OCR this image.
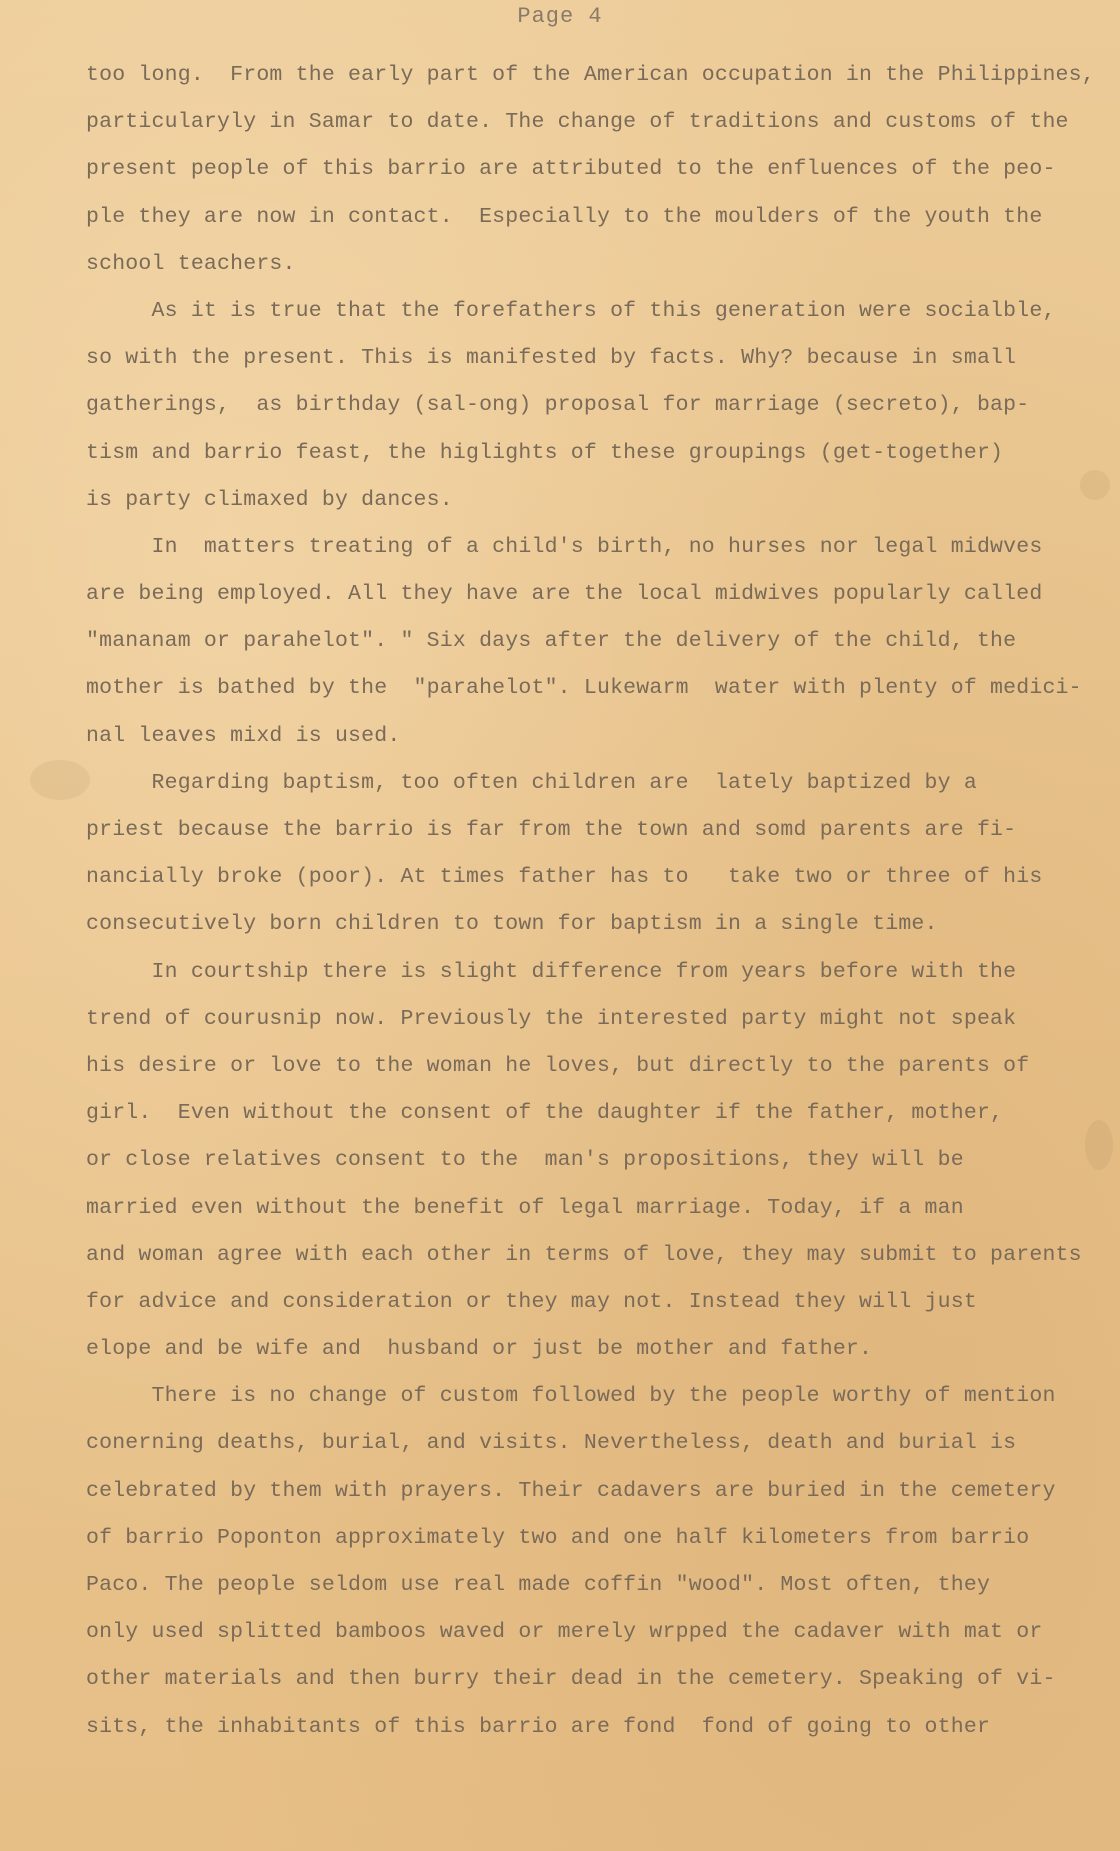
Page 4
too long.  From the early part of the American occupation in the Philippines,
particularyly in Samar to date. The change of traditions and customs of the
present people of this barrio are attributed to the enfluences of the peo-
ple they are now in contact.  Especially to the moulders of the youth the
school teachers.
As it is true that the forefathers of this generation were socialble,
so with the present. This is manifested by facts. Why? because in small
gatherings,  as birthday (sal-ong) proposal for marriage (secreto), bap-
tism and barrio feast, the higlights of these groupings (get-together)
is party climaxed by dances.
In  matters treating of a child's birth, no hurses nor legal midwves
are being employed. All they have are the local midwives popularly called
"mananam or parahelot". " Six days after the delivery of the child, the
mother is bathed by the  "parahelot". Lukewarm  water with plenty of medici-
nal leaves mixd is used.
Regarding baptism, too often children are  lately baptized by a
priest because the barrio is far from the town and somd parents are fi-
nancially broke (poor). At times father has to   take two or three of his
consecutively born children to town for baptism in a single time.
In courtship there is slight difference from years before with the
trend of courusnip now. Previously the interested party might not speak
his desire or love to the woman he loves, but directly to the parents of
girl.  Even without the consent of the daughter if the father, mother,
or close relatives consent to the  man's propositions, they will be
married even without the benefit of legal marriage. Today, if a man
and woman agree with each other in terms of love, they may submit to parents
for advice and consideration or they may not. Instead they will just
elope and be wife and  husband or just be mother and father.
There is no change of custom followed by the people worthy of mention
conerning deaths, burial, and visits. Nevertheless, death and burial is
celebrated by them with prayers. Their cadavers are buried in the cemetery
of barrio Poponton approximately two and one half kilometers from barrio
Paco. The people seldom use real made coffin "wood". Most often, they
only used splitted bamboos waved or merely wrpped the cadaver with mat or
other materials and then burry their dead in the cemetery. Speaking of vi-
sits, the inhabitants of this barrio are fond  fond of going to other
